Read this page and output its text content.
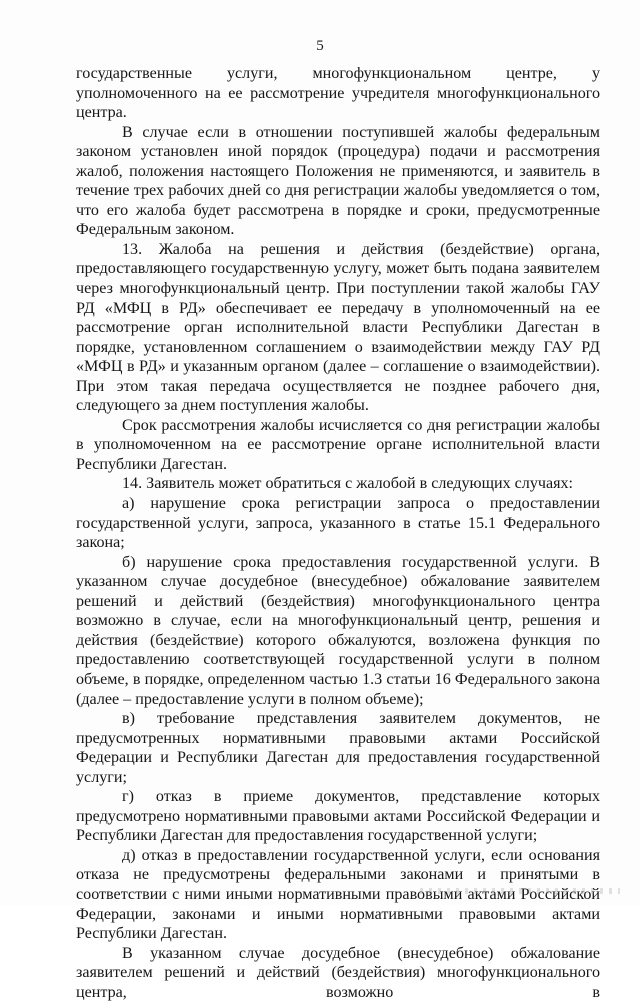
5

государственные услуги, многофункциональном центре, у уполномоченного на ее рассмотрение учредителя многофункционального центра.

В случае если в отношении поступившей жалобы федеральным законом установлен иной порядок (процедура) подачи и рассмотрения жалоб, положения настоящего Положения не применяются, и заявитель в течение трех рабочих дней со дня регистрации жалобы уведомляется о том, что его жалоба будет рассмотрена в порядке и сроки, предусмотренные Федеральным законом.

13. Жалоба на решения и действия (бездействие) органа, предоставляющего государственную услугу, может быть подана заявителем через многофункциональный центр. При поступлении такой жалобы ГАУ РД «МФЦ в РД» обеспечивает ее передачу в уполномоченный на ее рассмотрение орган исполнительной власти Республики Дагестан в порядке, установленном соглашением о взаимодействии между ГАУ РД «МФЦ в РД» и указанным органом (далее – соглашение о взаимодействии). При этом такая передача осуществляется не позднее рабочего дня, следующего за днем поступления жалобы.

Срок рассмотрения жалобы исчисляется со дня регистрации жалобы в уполномоченном на ее рассмотрение органе исполнительной власти Республики Дагестан.

14. Заявитель может обратиться с жалобой в следующих случаях:

а) нарушение срока регистрации запроса о предоставлении государственной услуги, запроса, указанного в статье 15.1 Федерального закона;

б) нарушение срока предоставления государственной услуги. В указанном случае досудебное (внесудебное) обжалование заявителем решений и действий (бездействия) многофункционального центра возможно в случае, если на многофункциональный центр, решения и действия (бездействие) которого обжалуются, возложена функция по предоставлению соответствующей государственной услуги в полном объеме, в порядке, определенном частью 1.3 статьи 16 Федерального закона (далее – предоставление услуги в полном объеме);

в) требование представления заявителем документов, не предусмотренных нормативными правовыми актами Российской Федерации и Республики Дагестан для предоставления государственной услуги;

г) отказ в приеме документов, представление которых предусмотрено нормативными правовыми актами Российской Федерации и Республики Дагестан для предоставления государственной услуги;

д) отказ в предоставлении государственной услуги, если основания отказа не предусмотрены федеральными законами и принятыми в соответствии с ними иными нормативными правовыми актами Российской Федерации, законами и иными нормативными правовыми актами Республики Дагестан.

В указанном случае досудебное (внесудебное) обжалование заявителем решений и действий (бездействия) многофункционального центра, возможно в
